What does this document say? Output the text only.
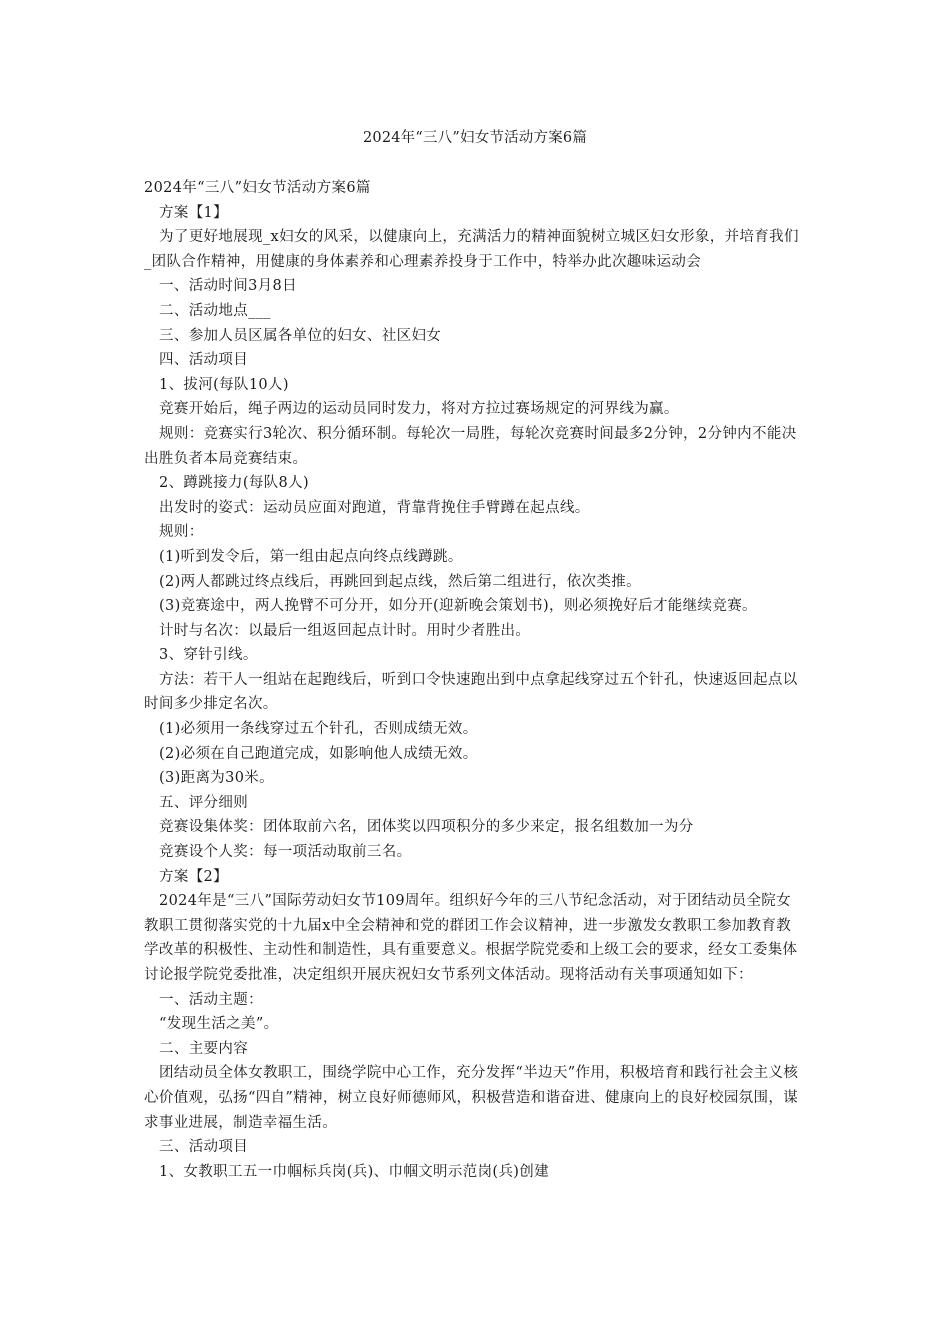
2024年“三八”妇女节活动方案6篇

2024年“三八”妇女节活动方案6篇

方案【1】

为了更好地展现_x妇女的风采，以健康向上，充满活力的精神面貌树立城区妇女形象，并培育我们_团队合作精神，用健康的身体素养和心理素养投身于工作中，特举办此次趣味运动会

一、活动时间3月8日

二、活动地点___

三、参加人员区属各单位的妇女、社区妇女

四、活动项目

1、拔河(每队10人)

竞赛开始后，绳子两边的运动员同时发力，将对方拉过赛场规定的河界线为赢。

规则：竞赛实行3轮次、积分循环制。每轮次一局胜，每轮次竞赛时间最多2分钟，2分钟内不能决出胜负者本局竞赛结束。

2、蹲跳接力(每队8人)

出发时的姿式：运动员应面对跑道，背靠背挽住手臂蹲在起点线。

规则：

(1)听到发令后，第一组由起点向终点线蹲跳。

(2)两人都跳过终点线后，再跳回到起点线，然后第二组进行，依次类推。

(3)竞赛途中，两人挽臂不可分开，如分开(迎新晚会策划书)，则必须挽好后才能继续竞赛。

计时与名次：以最后一组返回起点计时。用时少者胜出。

3、穿针引线。

方法：若干人一组站在起跑线后，听到口令快速跑出到中点拿起线穿过五个针孔，快速返回起点以时间多少排定名次。

(1)必须用一条线穿过五个针孔，否则成绩无效。

(2)必须在自己跑道完成，如影响他人成绩无效。

(3)距离为30米。

五、评分细则

竞赛设集体奖：团体取前六名，团体奖以四项积分的多少来定，报名组数加一为分

竞赛设个人奖：每一项活动取前三名。

方案【2】

2024年是“三八”国际劳动妇女节109周年。组织好今年的三八节纪念活动，对于团结动员全院女教职工贯彻落实党的十九届x中全会精神和党的群团工作会议精神，进一步激发女教职工参加教育教学改革的积极性、主动性和制造性，具有重要意义。根据学院党委和上级工会的要求，经女工委集体讨论报学院党委批准，决定组织开展庆祝妇女节系列文体活动。现将活动有关事项通知如下：

一、活动主题：

“发现生活之美”。

二、主要内容

团结动员全体女教职工，围绕学院中心工作，充分发挥“半边天”作用，积极培育和践行社会主义核心价值观，弘扬“四自”精神，树立良好师德师风，积极营造和谐奋进、健康向上的良好校园氛围，谋求事业进展，制造幸福生活。

三、活动项目

1、女教职工五一巾帼标兵岗(兵)、巾帼文明示范岗(兵)创建
